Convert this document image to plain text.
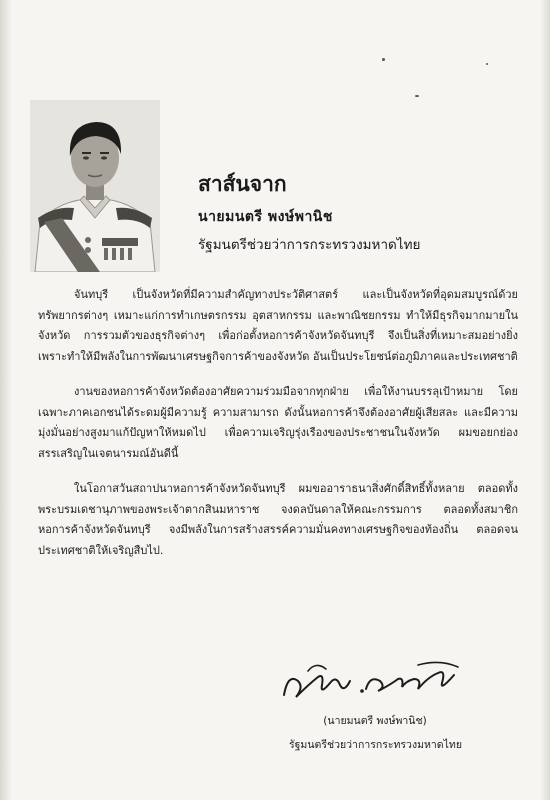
สาส์นจาก
นายมนตรี พงษ์พานิช
รัฐมนตรีช่วยว่าการกระทรวงมหาดไทย

จันทบุรี เป็นจังหวัดที่มีความสำคัญทางประวัติศาสตร์ และเป็นจังหวัดที่อุดมสมบูรณ์ด้วยทรัพยากรต่างๆ เหมาะแก่การทำเกษตรกรรม อุตสาหกรรม และพาณิชยกรรม ทำให้มีธุรกิจมากมายในจังหวัด การรวมตัวของธุรกิจต่างๆ เพื่อก่อตั้งหอการค้าจังหวัดจันทบุรี จึงเป็นสิ่งที่เหมาะสมอย่างยิ่ง เพราะทำให้มีพลังในการพัฒนาเศรษฐกิจการค้าของจังหวัด อันเป็นประโยชน์ต่อภูมิภาคและประเทศชาติ

งานของหอการค้าจังหวัดต้องอาศัยความร่วมมือจากทุกฝ่าย เพื่อให้งานบรรลุเป้าหมาย โดยเฉพาะภาคเอกชนได้ระดมผู้มีความรู้ ความสามารถ ดังนั้นหอการค้าจึงต้องอาศัยผู้เสียสละ และมีความมุ่งมั่นอย่างสูงมาแก้ปัญหาให้หมดไป เพื่อความเจริญรุ่งเรืองของประชาชนในจังหวัด ผมขอยกย่องสรรเสริญในเจตนารมณ์อันดีนี้

ในโอกาสวันสถาปนาหอการค้าจังหวัดจันทบุรี ผมขออาราธนาสิ่งศักดิ์สิทธิ์ทั้งหลาย ตลอดทั้งพระบรมเดชานุภาพของพระเจ้าตากสินมหาราช จงดลบันดาลให้คณะกรรมการ ตลอดทั้งสมาชิกหอการค้าจังหวัดจันทบุรี จงมีพลังในการสร้างสรรค์ความมั่นคงทางเศรษฐกิจของท้องถิ่น ตลอดจนประเทศชาติให้เจริญสืบไป.

(นายมนตรี พงษ์พานิช)
รัฐมนตรีช่วยว่าการกระทรวงมหาดไทย
